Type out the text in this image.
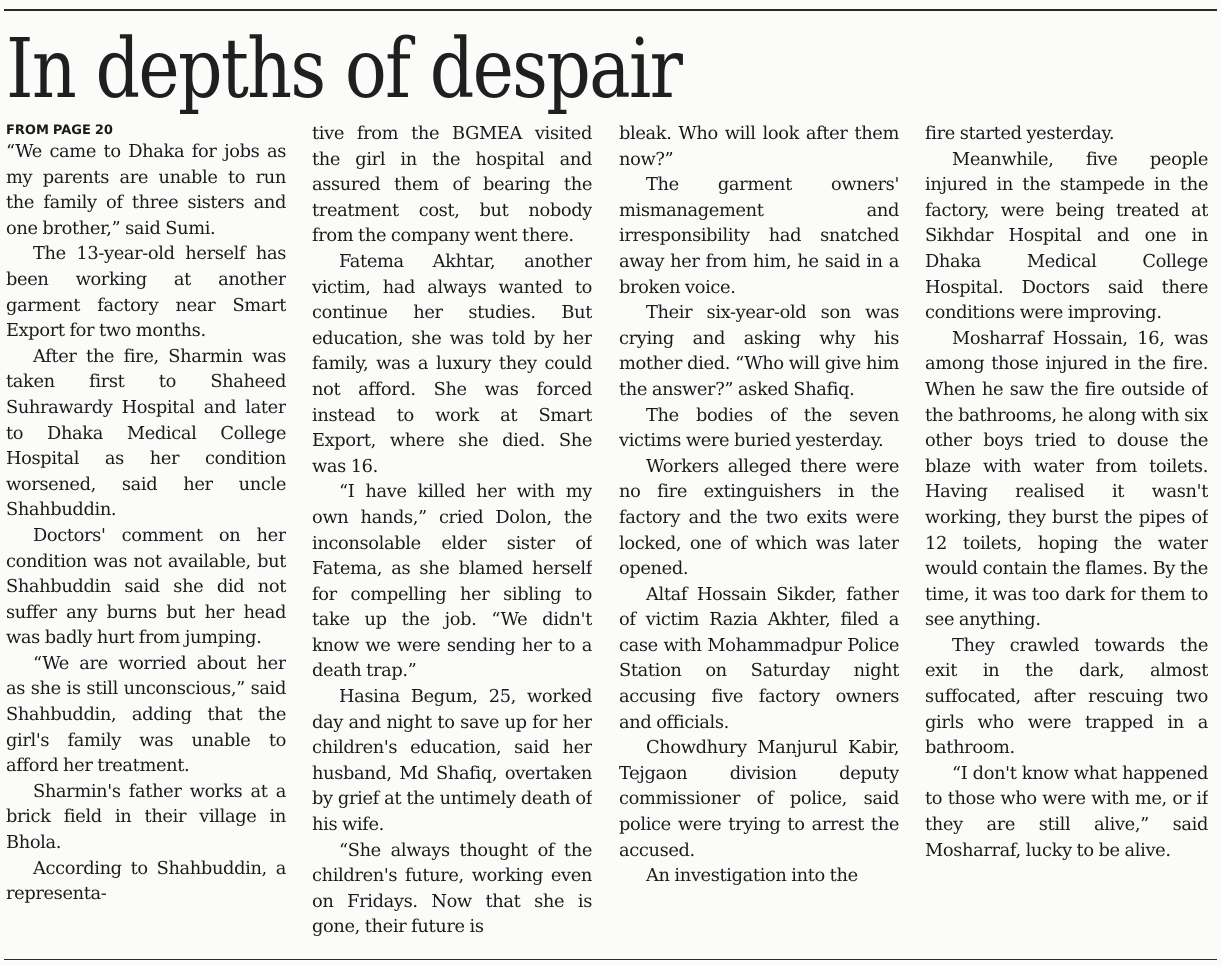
In depths of despair
FROM PAGE 20

“We came to Dhaka for jobs as my parents are unable to run the family of three sisters and one brother,” said Sumi.

The 13-year-old herself has been working at another garment factory near Smart Export for two months.

After the fire, Sharmin was taken first to Shaheed Suhrawardy Hospital and later to Dhaka Medical College Hospital as her condition worsened, said her uncle Shahbuddin.

Doctors' comment on her condition was not available, but Shahbuddin said she did not suffer any burns but her head was badly hurt from jumping.

“We are worried about her as she is still unconscious,” said Shahbuddin, adding that the girl's family was unable to afford her treatment.

Sharmin's father works at a brick field in their village in Bhola.

According to Shahbuddin, a representa-

tive from the BGMEA visited the girl in the hospital and assured them of bearing the treatment cost, but nobody from the company went there.

Fatema Akhtar, another victim, had always wanted to continue her studies. But education, she was told by her family, was a luxury they could not afford. She was forced instead to work at Smart Export, where she died. She was 16.

“I have killed her with my own hands,” cried Dolon, the inconsolable elder sister of Fatema, as she blamed herself for compelling her sibling to take up the job. “We didn't know we were sending her to a death trap.”

Hasina Begum, 25, worked day and night to save up for her children's education, said her husband, Md Shafiq, overtaken by grief at the untimely death of his wife.

“She always thought of the children's future, working even on Fridays. Now that she is gone, their future is

bleak. Who will look after them now?”

The garment owners' mismanagement and irresponsibility had snatched away her from him, he said in a broken voice.

Their six-year-old son was crying and asking why his mother died. “Who will give him the answer?” asked Shafiq.

The bodies of the seven victims were buried yesterday.

Workers alleged there were no fire extinguishers in the factory and the two exits were locked, one of which was later opened.

Altaf Hossain Sikder, father of victim Razia Akhter, filed a case with Mohammadpur Police Station on Saturday night accusing five factory owners and officials.

Chowdhury Manjurul Kabir, Tejgaon division deputy commissioner of police, said police were trying to arrest the accused.

An investigation into the

fire started yesterday.

Meanwhile, five people injured in the stampede in the factory, were being treated at Sikhdar Hospital and one in Dhaka Medical College Hospital. Doctors said there conditions were improving.

Mosharraf Hossain, 16, was among those injured in the fire. When he saw the fire outside of the bathrooms, he along with six other boys tried to douse the blaze with water from toilets. Having realised it wasn't working, they burst the pipes of 12 toilets, hoping the water would contain the flames. By the time, it was too dark for them to see anything.

They crawled towards the exit in the dark, almost suffocated, after rescuing two girls who were trapped in a bathroom.

“I don't know what happened to those who were with me, or if they are still alive,” said Mosharraf, lucky to be alive.
